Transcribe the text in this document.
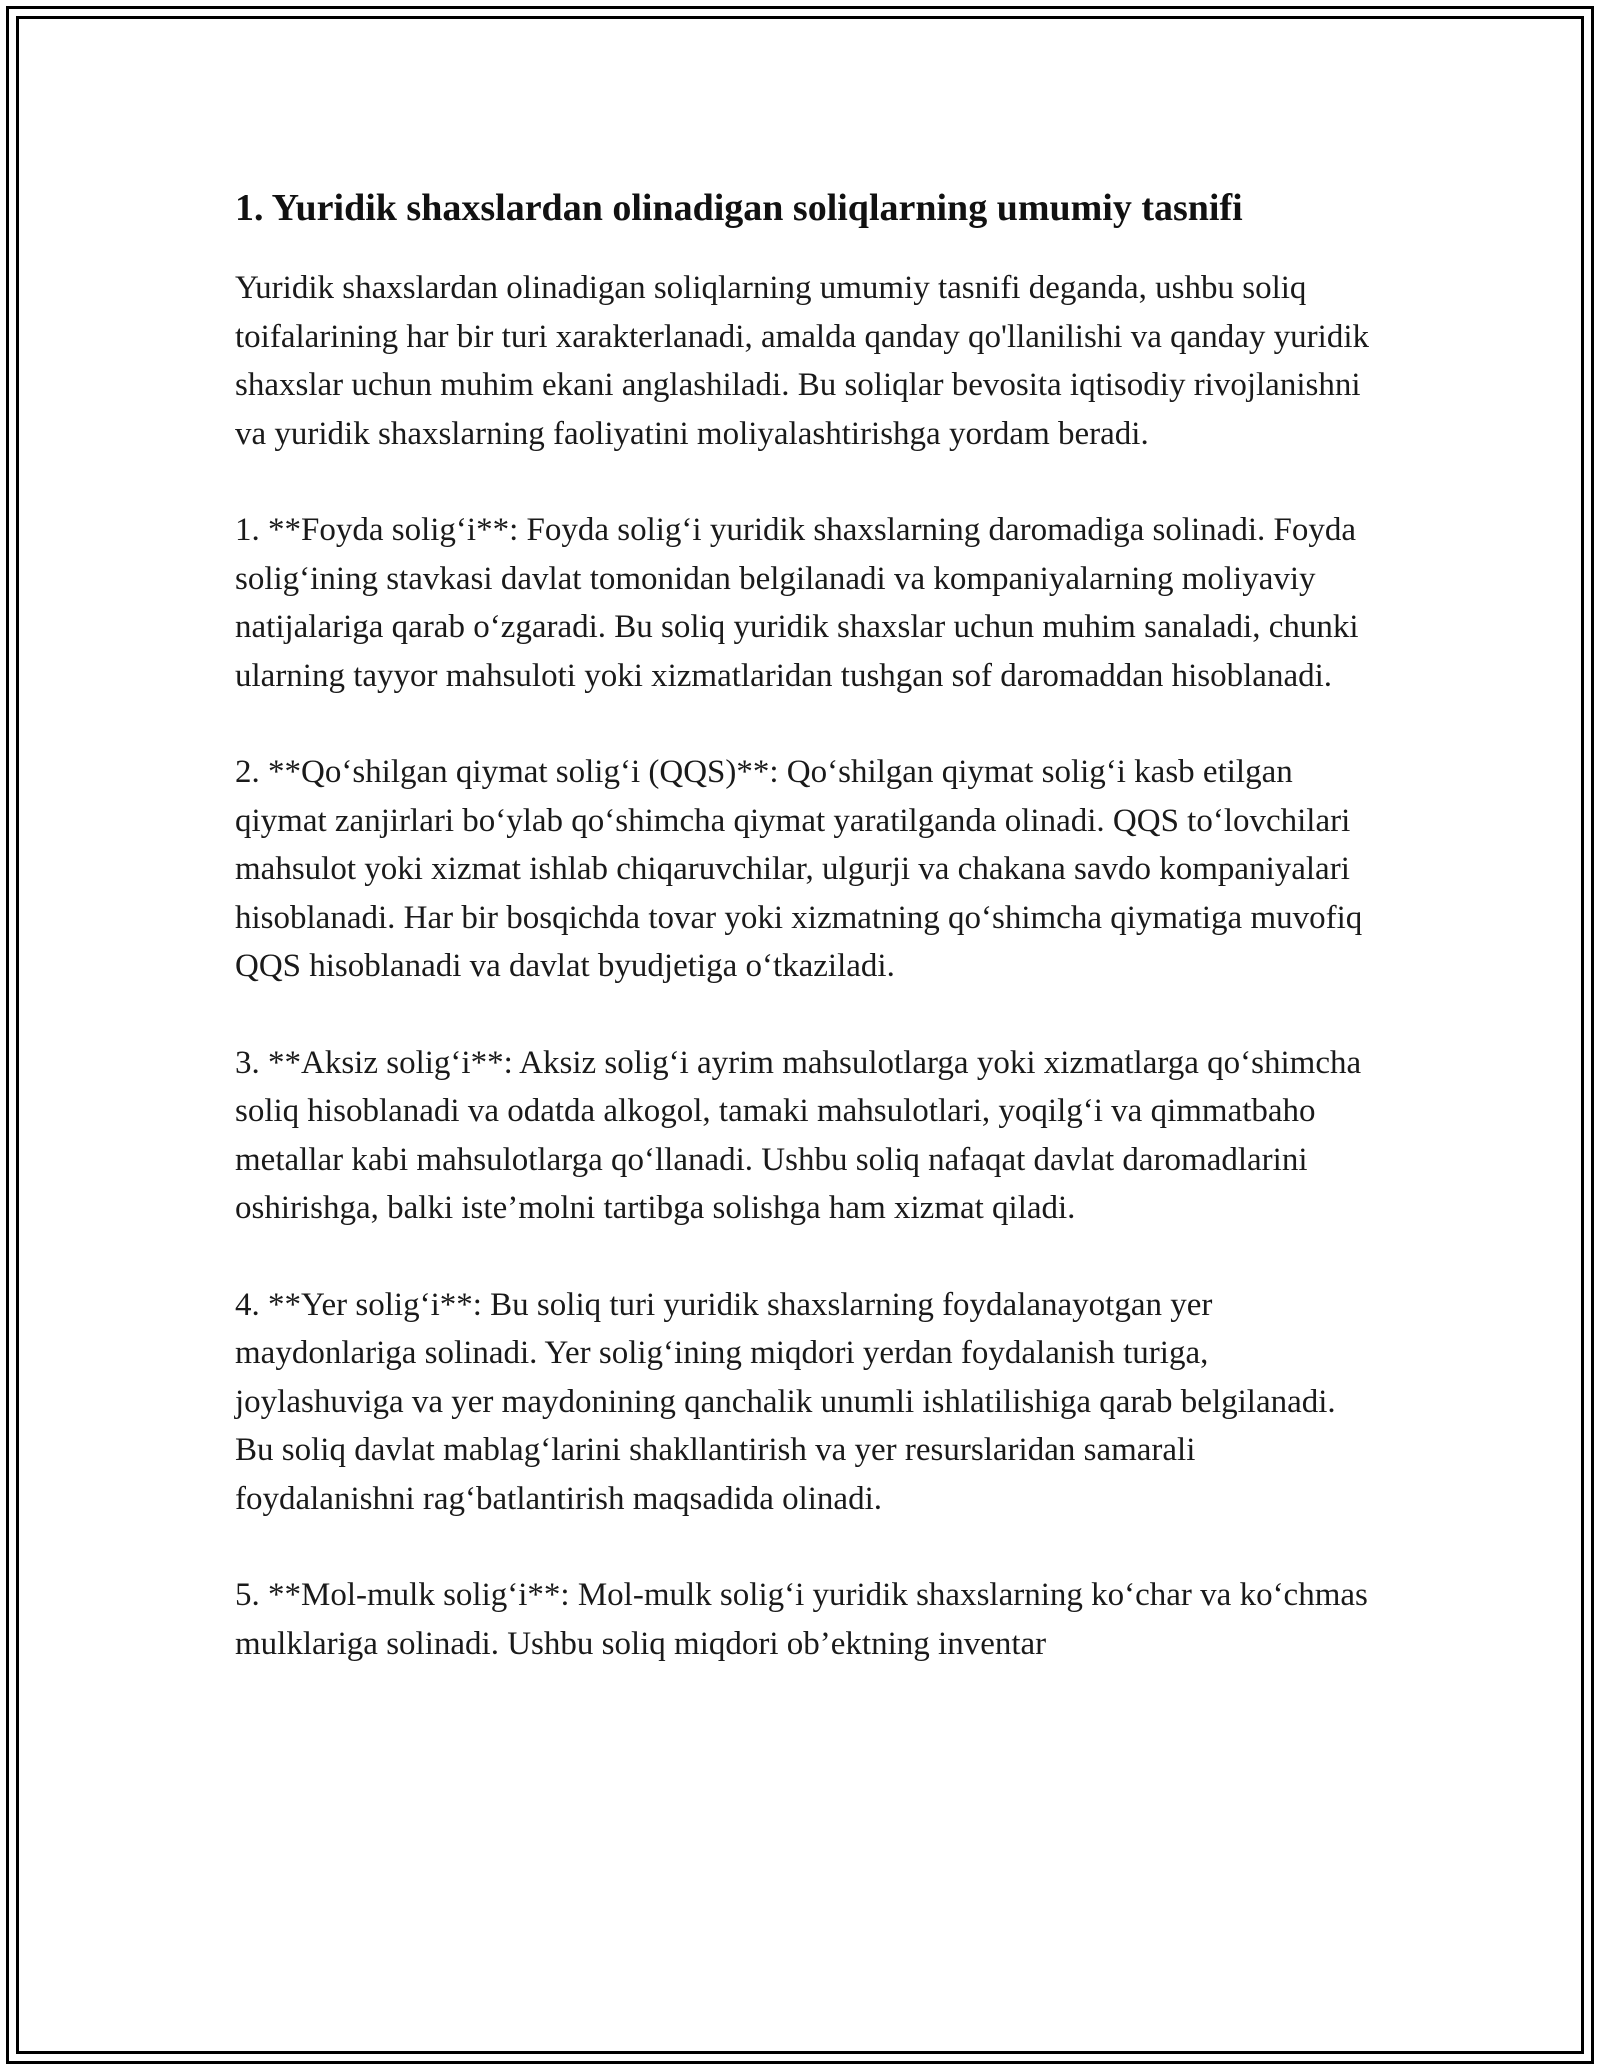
1. Yuridik shaxslardan olinadigan soliqlarning umumiy tasnifi

Yuridik shaxslardan olinadigan soliqlarning umumiy tasnifi deganda, ushbu soliq toifalarining har bir turi xarakterlanadi, amalda qanday qo'llanilishi va qanday yuridik shaxslar uchun muhim ekani anglashiladi. Bu soliqlar bevosita iqtisodiy rivojlanishni va yuridik shaxslarning faoliyatini moliyalashtirishga yordam beradi.

1. **Foyda solig‘i**: Foyda solig‘i yuridik shaxslarning daromadiga solinadi. Foyda solig‘ining stavkasi davlat tomonidan belgilanadi va kompaniyalarning moliyaviy natijalariga qarab o‘zgaradi. Bu soliq yuridik shaxslar uchun muhim sanaladi, chunki ularning tayyor mahsuloti yoki xizmatlaridan tushgan sof daromaddan hisoblanadi.

2. **Qo‘shilgan qiymat solig‘i (QQS)**: Qo‘shilgan qiymat solig‘i kasb etilgan qiymat zanjirlari bo‘ylab qo‘shimcha qiymat yaratilganda olinadi. QQS to‘lovchilari mahsulot yoki xizmat ishlab chiqaruvchilar, ulgurji va chakana savdo kompaniyalari hisoblanadi. Har bir bosqichda tovar yoki xizmatning qo‘shimcha qiymatiga muvofiq QQS hisoblanadi va davlat byudjetiga o‘tkaziladi.

3. **Aksiz solig‘i**: Aksiz solig‘i ayrim mahsulotlarga yoki xizmatlarga qo‘shimcha soliq hisoblanadi va odatda alkogol, tamaki mahsulotlari, yoqilg‘i va qimmatbaho metallar kabi mahsulotlarga qo‘llanadi. Ushbu soliq nafaqat davlat daromadlarini oshirishga, balki iste’molni tartibga solishga ham xizmat qiladi.

4. **Yer solig‘i**: Bu soliq turi yuridik shaxslarning foydalanayotgan yer maydonlariga solinadi. Yer solig‘ining miqdori yerdan foydalanish turiga, joylashuviga va yer maydonining qanchalik unumli ishlatilishiga qarab belgilanadi. Bu soliq davlat mablag‘larini shakllantirish va yer resurslaridan samarali foydalanishni rag‘batlantirish maqsadida olinadi.

5. **Mol-mulk solig‘i**: Mol-mulk solig‘i yuridik shaxslarning ko‘char va ko‘chmas mulklariga solinadi. Ushbu soliq miqdori ob’ektning inventar
